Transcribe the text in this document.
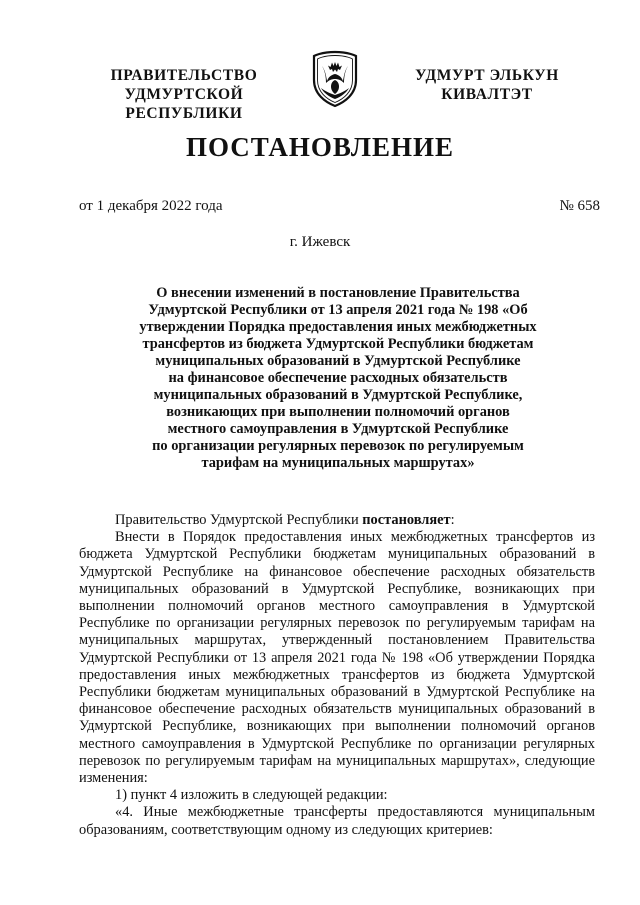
ПРАВИТЕЛЬСТВО
УДМУРТСКОЙ РЕСПУБЛИКИ
УДМУРТ ЭЛЬКУН
КИВАЛТЭТ
ПОСТАНОВЛЕНИЕ
от 1 декабря 2022 года	№ 658
г. Ижевск
О внесении изменений в постановление Правительства
Удмуртской Республики от 13 апреля 2021 года № 198 «Об
утверждении Порядка предоставления иных межбюджетных
трансфертов из бюджета Удмуртской Республики бюджетам
муниципальных образований в Удмуртской Республике
на финансовое обеспечение расходных обязательств
муниципальных образований в Удмуртской Республике,
возникающих при выполнении полномочий органов
местного самоуправления в Удмуртской Республике
по организации регулярных перевозок по регулируемым
тарифам на муниципальных маршрутах»

Правительство Удмуртской Республики постановляет:

Внести в Порядок предоставления иных межбюджетных трансфертов из бюджета Удмуртской Республики бюджетам муниципальных образований в Удмуртской Республике на финансовое обеспечение расходных обязательств муниципальных образований в Удмуртской Республике, возникающих при выполнении полномочий органов местного самоуправления в Удмуртской Республике по организации регулярных перевозок по регулируемым тарифам на муниципальных маршрутах, утвержденный постановлением Правительства Удмуртской Республики от 13 апреля 2021 года № 198 «Об утверждении Порядка предоставления иных межбюджетных трансфертов из бюджета Удмуртской Республики бюджетам муниципальных образований в Удмуртской Республике на финансовое обеспечение расходных обязательств муниципальных образований в Удмуртской Республике, возникающих при выполнении полномочий органов местного самоуправления в Удмуртской Республике по организации регулярных перевозок по регулируемым тарифам на муниципальных маршрутах», следующие изменения:

1) пункт 4 изложить в следующей редакции:

«4. Иные межбюджетные трансферты предоставляются муниципальным образованиям, соответствующим одному из следующих критериев:
